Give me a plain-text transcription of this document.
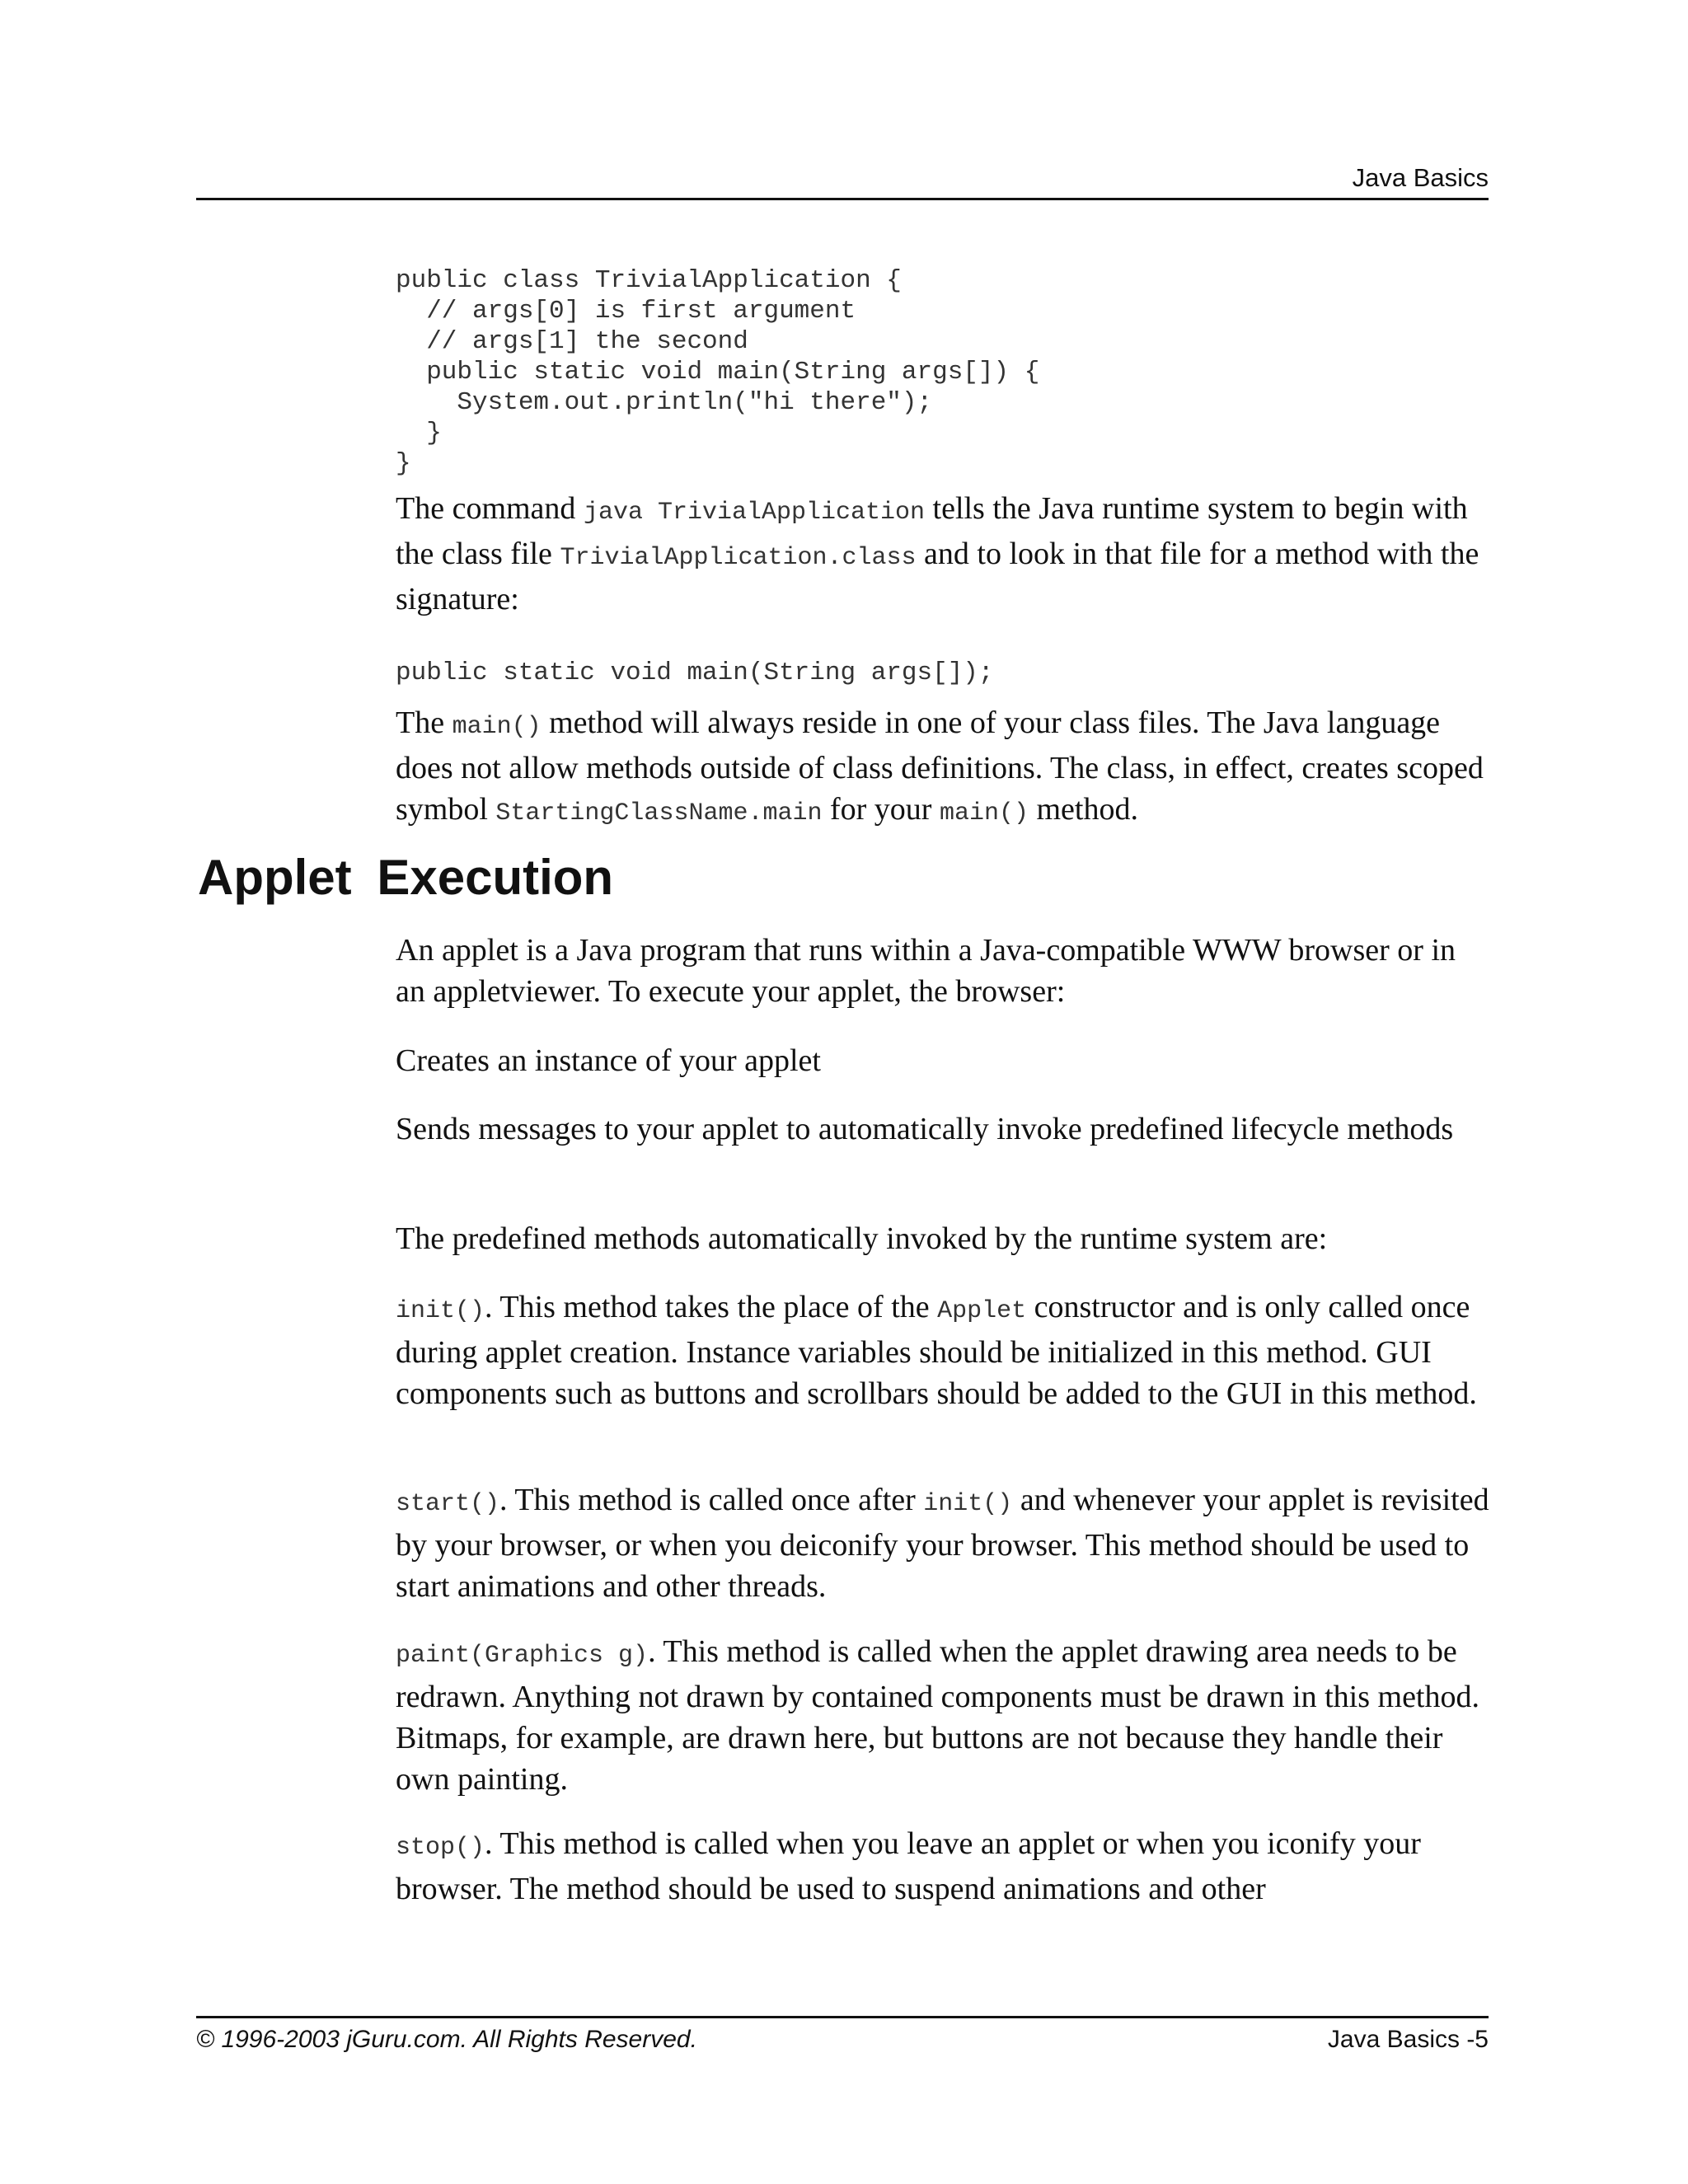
Java Basics
public class TrivialApplication {
// args[0] is first argument
// args[1] the second
public static void main(String args[]) {
System.out.println("hi there");
}
}

The command java TrivialApplication tells the Java runtime system to begin with the class file TrivialApplication.class and to look in that file for a method with the signature:

public static void main(String args[]);

The main() method will always reside in one of your class files. The Java language does not allow methods outside of class definitions. The class, in effect, creates scoped symbol StartingClassName.main for your main() method.

Applet Execution

An applet is a Java program that runs within a Java-compatible WWW browser or in an appletviewer. To execute your applet, the browser:

Creates an instance of your applet

Sends messages to your applet to automatically invoke predefined lifecycle methods

The predefined methods automatically invoked by the runtime system are:

init(). This method takes the place of the Applet constructor and is only called once during applet creation. Instance variables should be initialized in this method. GUI components such as buttons and scrollbars should be added to the GUI in this method.

start(). This method is called once after init() and whenever your applet is revisited by your browser, or when you deiconify your browser. This method should be used to start animations and other threads.

paint(Graphics g). This method is called when the applet drawing area needs to be redrawn. Anything not drawn by contained components must be drawn in this method. Bitmaps, for example, are drawn here, but buttons are not because they handle their own painting.

stop(). This method is called when you leave an applet or when you iconify your browser. The method should be used to suspend animations and other

© 1996-2003 jGuru.com. All Rights Reserved.	Java Basics -5
